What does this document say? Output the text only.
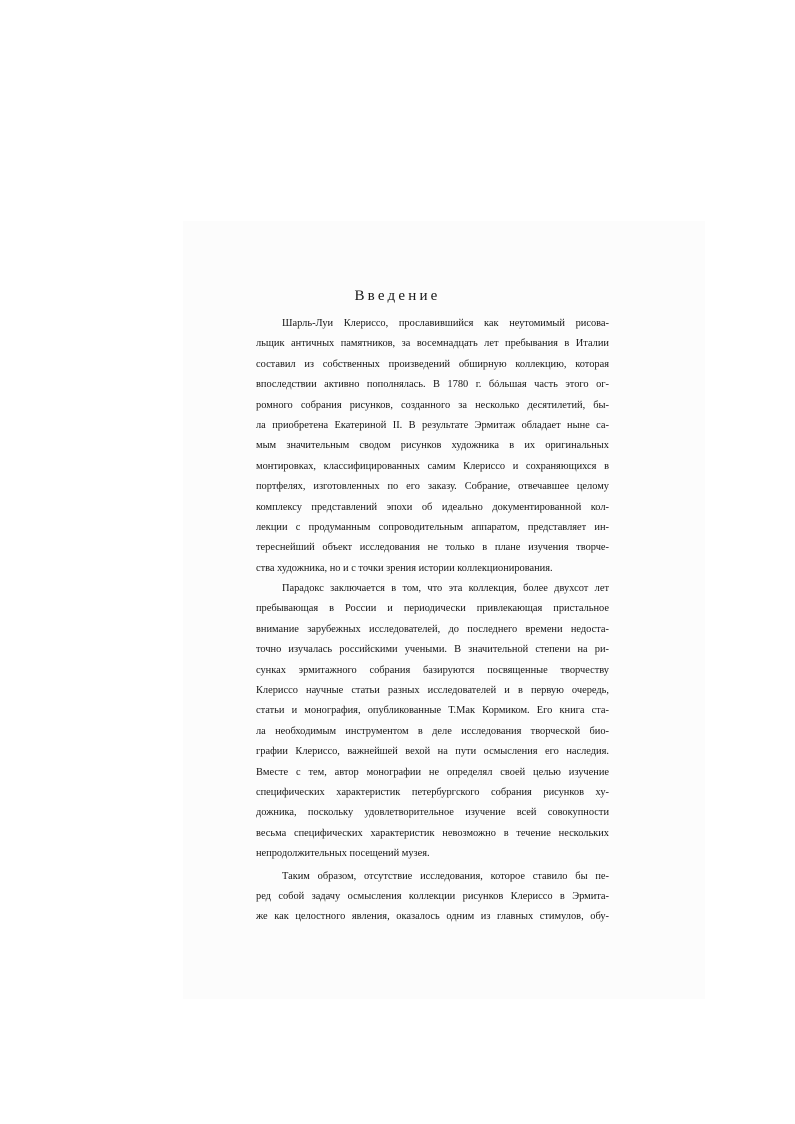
Введение
Шарль-Луи Клериссо, прославившийся как неутомимый рисова-
льщик античных памятников, за восемнадцать лет пребывания в Италии
составил из собственных произведений обширную коллекцию, которая
впоследствии активно пополнялась. В 1780 г. бóльшая часть этого ог-
ромного собрания рисунков, созданного за несколько десятилетий, бы-
ла приобретена Екатериной II. В результате Эрмитаж обладает ныне са-
мым значительным сводом рисунков художника в их оригинальных
монтировках, классифицированных самим Клериссо и сохраняющихся в
портфелях, изготовленных по его заказу. Собрание, отвечавшее целому
комплексу представлений эпохи об идеально документированной кол-
лекции с продуманным сопроводительным аппаратом, представляет ин-
тереснейший объект исследования не только в плане изучения творче-
ства художника, но и с точки зрения истории коллекционирования.
Парадокс заключается в том, что эта коллекция, более двухсот лет
пребывающая в России и периодически привлекающая пристальное
внимание зарубежных исследователей, до последнего времени недоста-
точно изучалась российскими учеными. В значительной степени на ри-
сунках эрмитажного собрания базируются посвященные творчеству
Клериссо научные статьи разных исследователей и в первую очередь,
статьи и монография, опубликованные Т.Мак Кормиком. Его книга ста-
ла необходимым инструментом в деле исследования творческой био-
графии Клериссо, важнейшей вехой на пути осмысления его наследия.
Вместе с тем, автор монографии не определял своей целью изучение
специфических характеристик петербургского собрания рисунков ху-
дожника, поскольку удовлетворительное изучение всей совокупности
весьма специфических характеристик невозможно в течение нескольких
непродолжительных посещений музея.
Таким образом, отсутствие исследования, которое ставило бы пе-
ред собой задачу осмысления коллекции рисунков Клериссо в Эрмита-
же как целостного явления, оказалось одним из главных стимулов, обу-
